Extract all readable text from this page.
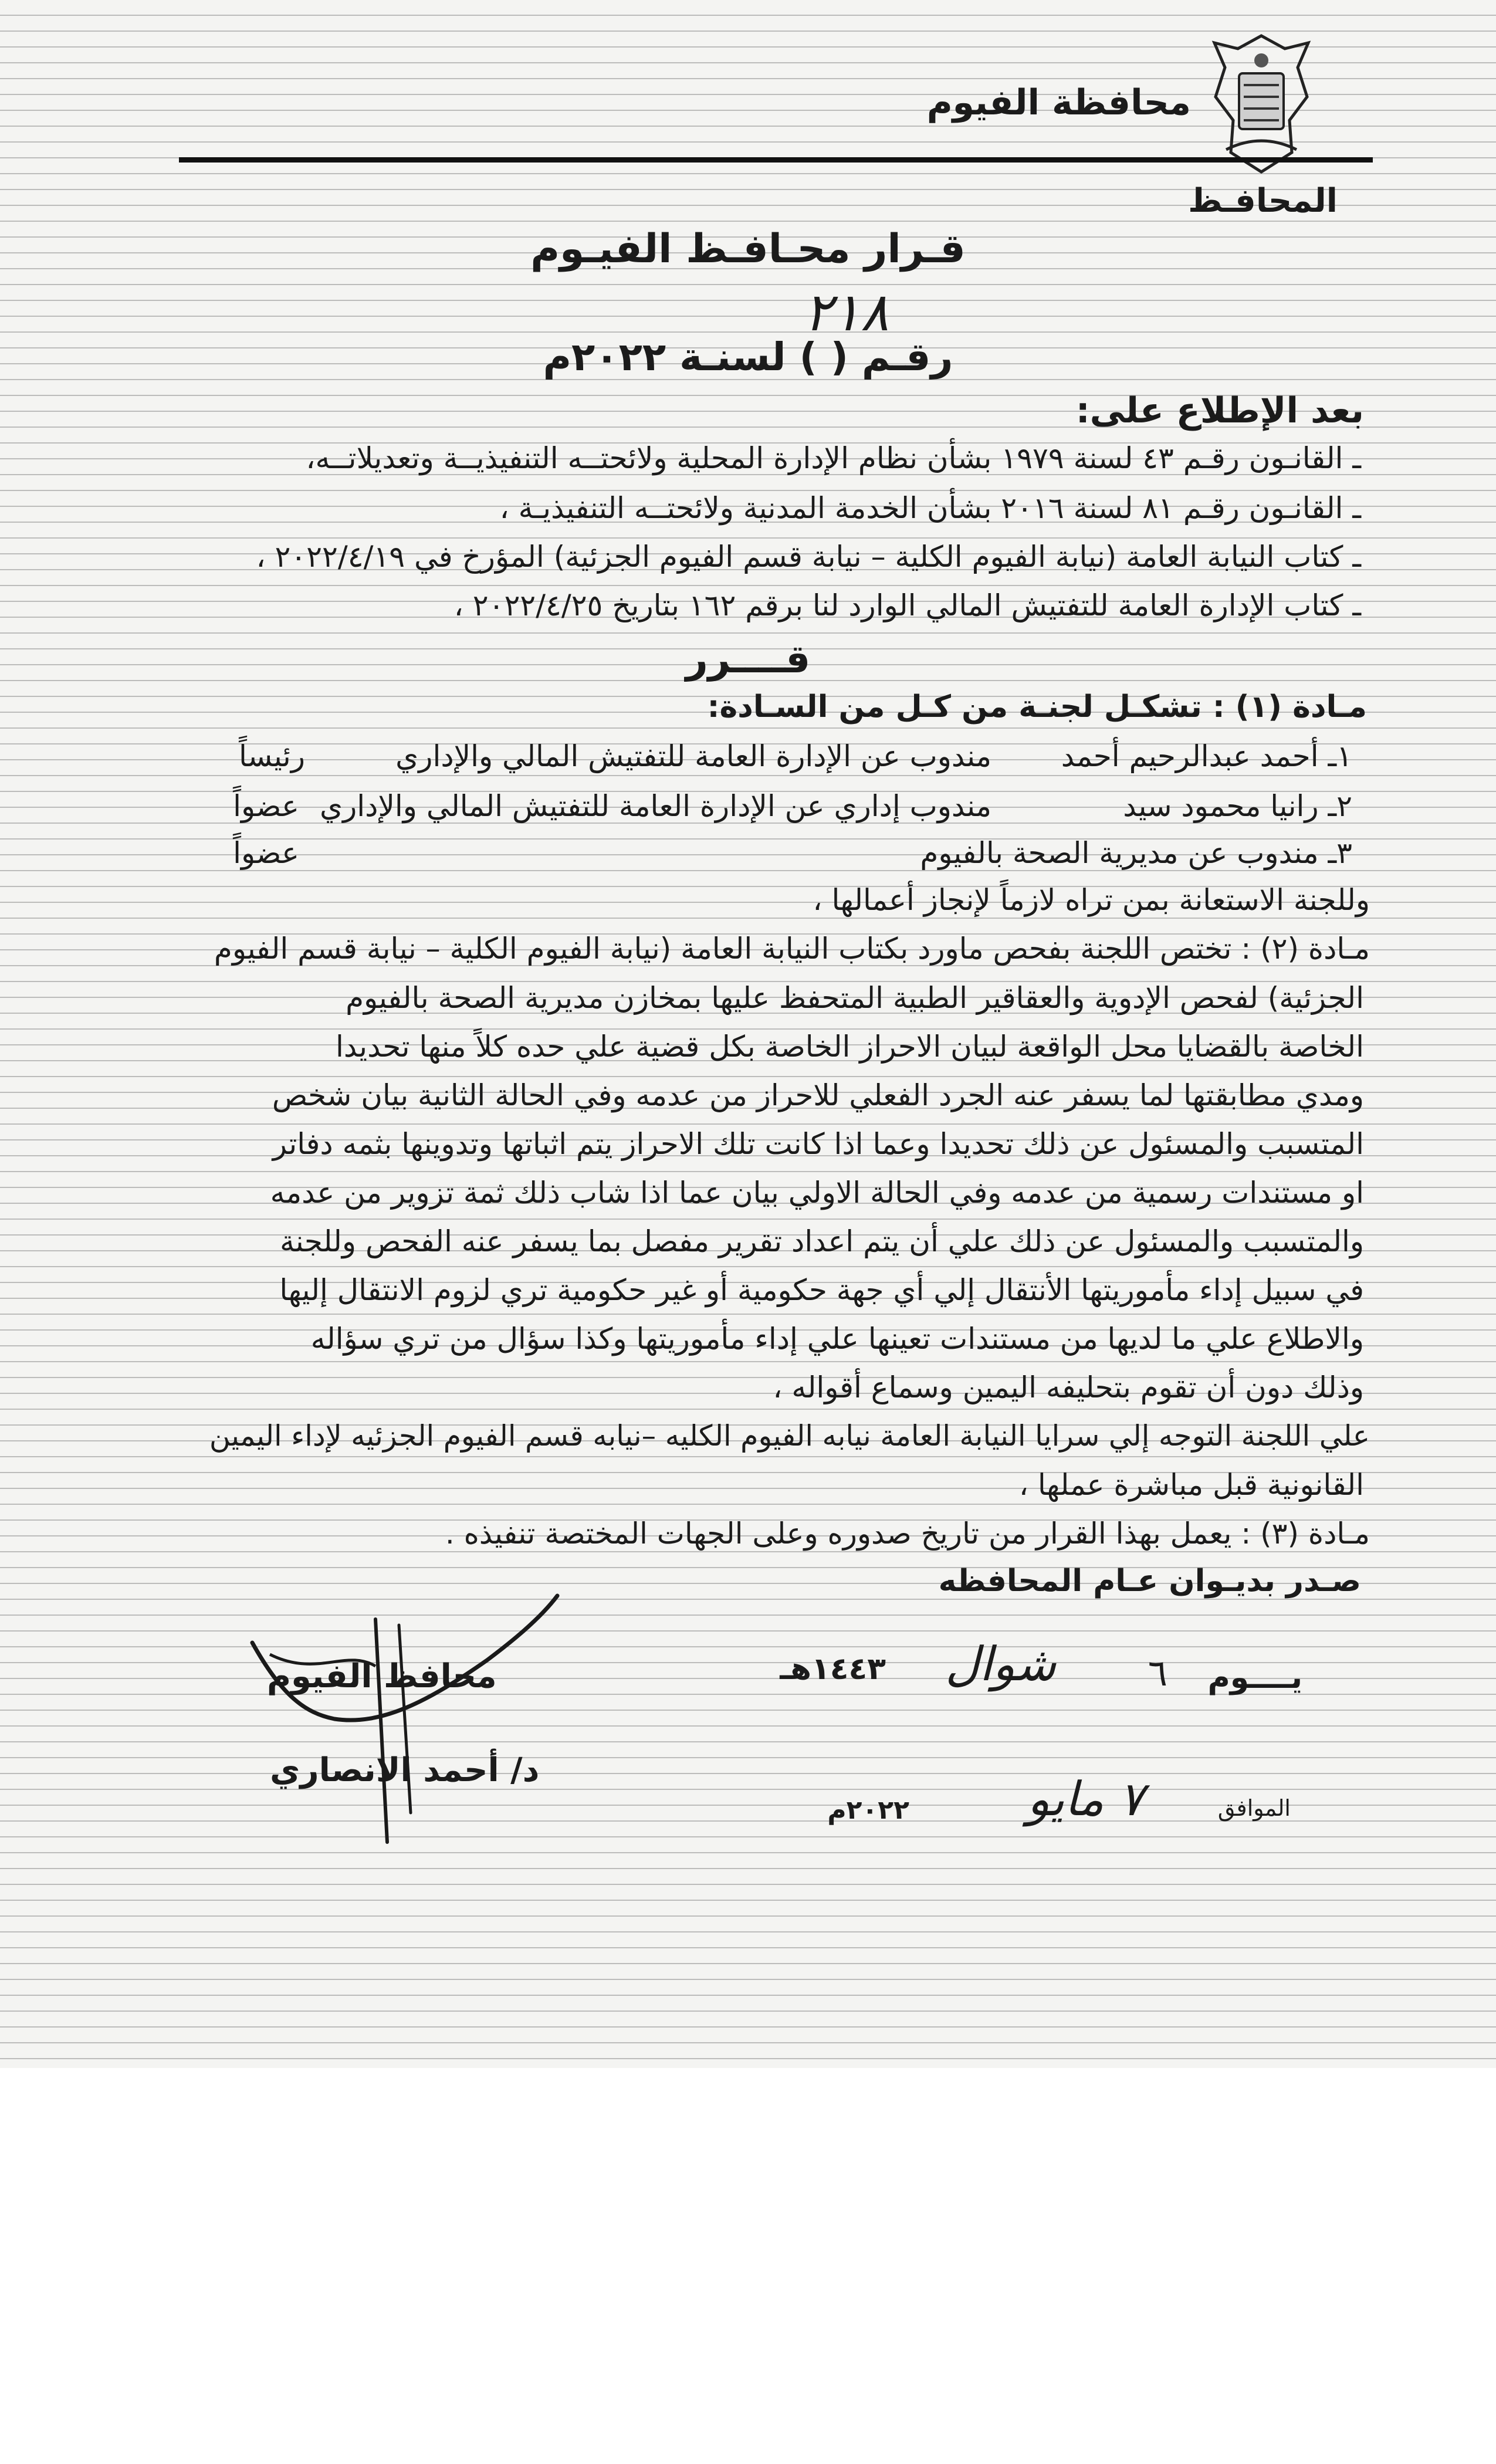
محافظة الفيوم
المحافـظ
قـرار محـافـظ الفيـوم
٢١٨
رقـم ( ) لسنـة ٢٠٢٢م
بعد الإطلاع على:
ـ القانـون رقـم ٤٣ لسنة ١٩٧٩ بشأن نظام الإدارة المحلية ولائحتــه التنفيذيــة وتعديلاتــه،
ـ القانـون رقـم ٨١ لسنة ٢٠١٦ بشأن الخدمة المدنية ولائحتــه التنفيذيـة ،
ـ كتاب النيابة العامة (نيابة الفيوم الكلية – نيابة قسم الفيوم الجزئية) المؤرخ في ٢٠٢٢/٤/١٩ ،
ـ كتاب الإدارة العامة للتفتيش المالي الوارد لنا برقم ١٦٢ بتاريخ ٢٠٢٢/٤/٢٥ ،
قــــرر
مـادة (١) : تشكـل لجنـة من كـل من السـادة:
١ـ أحمد عبدالرحيم أحمد
مندوب عن الإدارة العامة للتفتيش المالي والإداري
رئيساً
٢ـ رانيا محمود سيد
مندوب إداري عن الإدارة العامة للتفتيش المالي والإداري
عضواً
٣ـ مندوب عن مديرية الصحة بالفيوم
عضواً
وللجنة الاستعانة بمن تراه لازماً لإنجاز أعمالها ،
مـادة (٢) : تختص اللجنة بفحص ماورد بكتاب النيابة العامة (نيابة الفيوم الكلية – نيابة قسم الفيوم
الجزئية) لفحص الإدوية والعقاقير الطبية المتحفظ عليها بمخازن مديرية الصحة بالفيوم
الخاصة بالقضايا محل الواقعة لبيان الاحراز الخاصة بكل قضية علي حده كلاً منها تحديدا
ومدي مطابقتها لما يسفر عنه الجرد الفعلي للاحراز من عدمه وفي الحالة الثانية بيان شخص
المتسبب والمسئول عن ذلك تحديدا وعما اذا كانت تلك الاحراز يتم اثباتها وتدوينها بثمه دفاتر
او مستندات رسمية من عدمه وفي الحالة الاولي بيان عما اذا شاب ذلك ثمة تزوير من عدمه
والمتسبب والمسئول عن ذلك علي أن يتم اعداد تقرير مفصل بما يسفر عنه الفحص وللجنة
في سبيل إداء مأموريتها الأنتقال إلي أي جهة حكومية أو غير حكومية تري لزوم الانتقال إليها
والاطلاع علي ما لديها من مستندات تعينها علي إداء مأموريتها وكذا سؤال من تري سؤاله
وذلك دون أن تقوم بتحليفه اليمين وسماع أقواله ،
علي اللجنة التوجه إلي سرايا النيابة العامة نيابه الفيوم الكليه –نيابه قسم الفيوم الجزئيه لإداء اليمين
القانونية قبل مباشرة عملها ،
مـادة (٣) : يعمل بهذا القرار من تاريخ صدوره وعلى الجهات المختصة تنفيذه .
صـدر بديـوان عـام المحافظه
يــــوم
٦
شوال
١٤٤٣هـ
الموافق
٧ مايو
٢٠٢٢م
محافظ الفيوم
د/ أحمد الانصاري
